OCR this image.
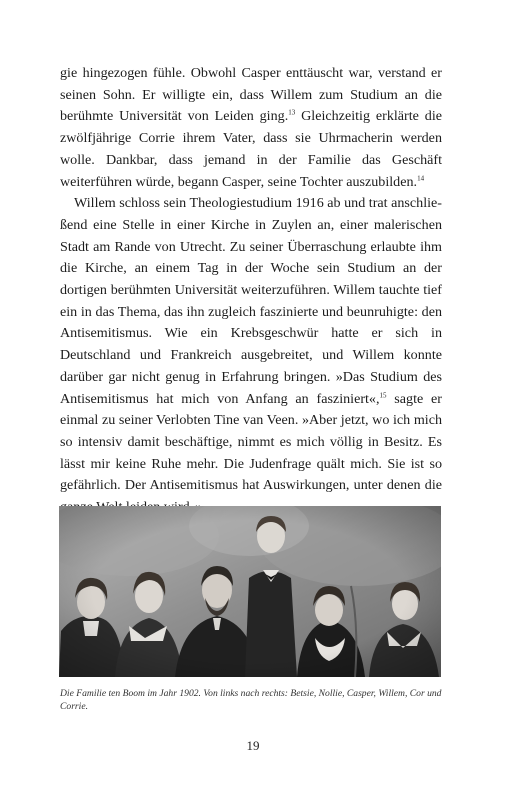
gie hingezogen fühle. Obwohl Casper enttäuscht war, verstand er seinen Sohn. Er willigte ein, dass Willem zum Studium an die berühmte Universität von Leiden ging.$^{13}$ Gleichzeitig erklärte die zwölfjährige Corrie ihrem Vater, dass sie Uhrmacherin werden wolle. Dankbar, dass jemand in der Familie das Geschäft weiterführen würde, begann Casper, seine Tochter auszubilden.$^{14}$

Willem schloss sein Theologiestudium 1916 ab und trat anschließend eine Stelle in einer Kirche in Zuylen an, einer malerischen Stadt am Rande von Utrecht. Zu seiner Überraschung erlaubte ihm die Kirche, an einem Tag in der Woche sein Studium an der dortigen berühmten Universität weiterzuführen. Willem tauchte tief ein in das Thema, das ihn zugleich faszinierte und beunruhigte: den Antisemitismus. Wie ein Krebsgeschwür hatte er sich in Deutschland und Frankreich ausgebreitet, und Willem konnte darüber gar nicht genug in Erfahrung bringen. »Das Studium des Antisemitismus hat mich von Anfang an fasziniert«,$^{15}$ sagte er einmal zu seiner Verlobten Tine van Veen. »Aber jetzt, wo ich mich so intensiv damit beschäftige, nimmt es mich völlig in Besitz. Es lässt mir keine Ruhe mehr. Die Judenfrage quält mich. Sie ist so gefährlich. Der Antisemitismus hat Auswirkungen, unter denen die

Die Familie ten Boom im Jahr 1902. Von links nach rechts: Betsie, Nollie, Casper, Willem, Cor und Corrie.
19
